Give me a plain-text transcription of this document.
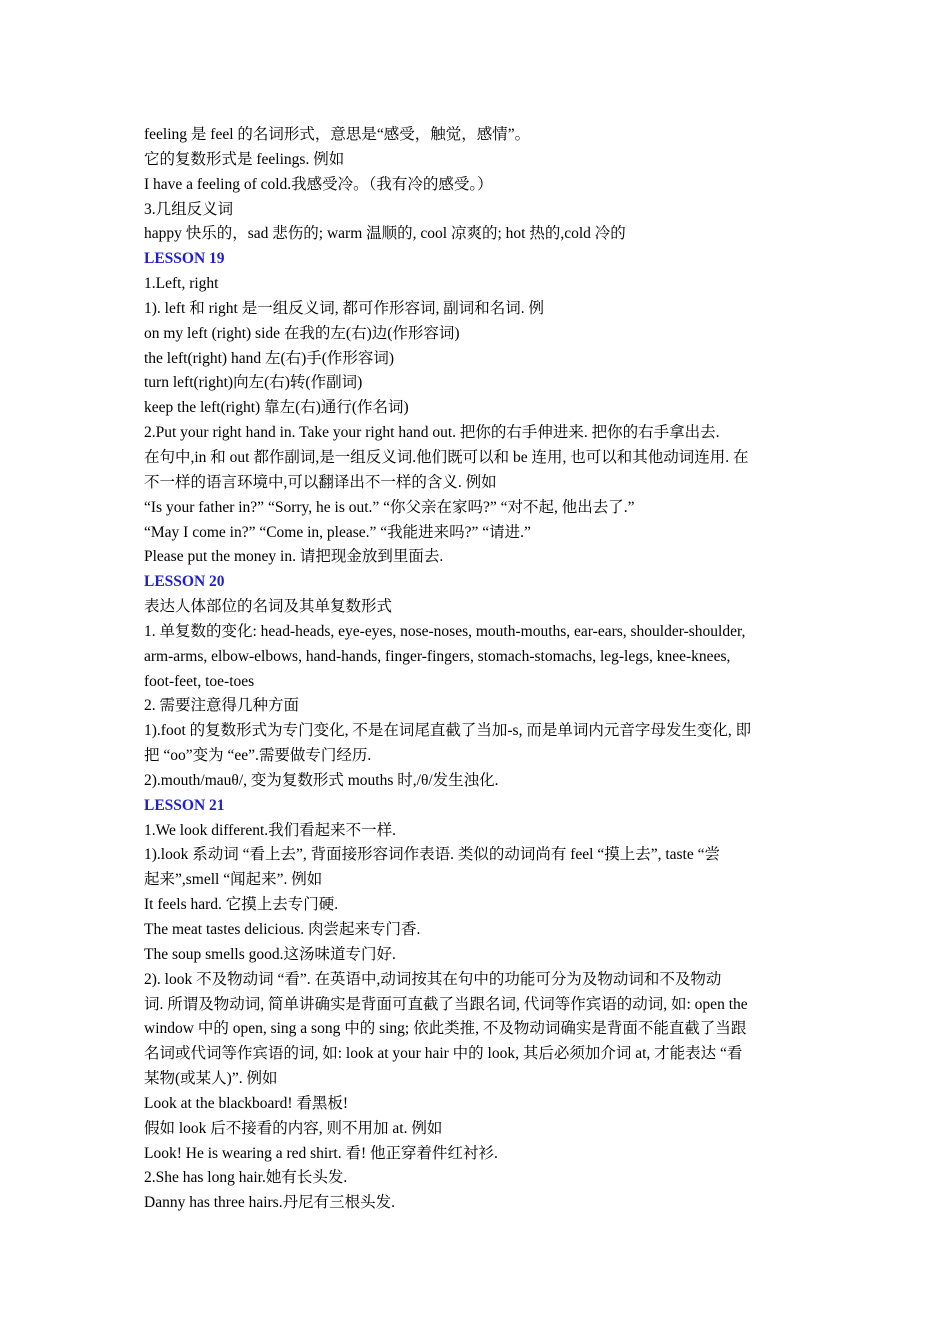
feeling 是 feel 的名词形式，意思是“感受，触觉，感情”。
它的复数形式是 feelings. 例如
I have a feeling of cold.我感受冷。（我有冷的感受。）
3.几组反义词
happy 快乐的，sad 悲伤的; warm 温顺的, cool 凉爽的; hot 热的,cold 冷的
LESSON 19
1.Left, right
1). left 和 right 是一组反义词, 都可作形容词, 副词和名词. 例
on my left (right) side 在我的左(右)边(作形容词)
the left(right) hand 左(右)手(作形容词)
turn left(right)向左(右)转(作副词)
keep the left(right) 靠左(右)通行(作名词)
2.Put your right hand in. Take your right hand out. 把你的右手伸进来. 把你的右手拿出去.
在句中,in 和 out 都作副词,是一组反义词.他们既可以和 be 连用, 也可以和其他动词连用. 在
不一样的语言环境中,可以翻译出不一样的含义. 例如
“Is your father in?” “Sorry, he is out.” “你父亲在家吗?” “对不起, 他出去了.”
“May I come in?” “Come in, please.” “我能进来吗?” “请进.”
Please put the money in. 请把现金放到里面去.
LESSON 20
表达人体部位的名词及其单复数形式
1. 单复数的变化: head-heads, eye-eyes, nose-noses, mouth-mouths, ear-ears, shoulder-shoulder,
arm-arms, elbow-elbows, hand-hands, finger-fingers, stomach-stomachs, leg-legs, knee-knees,
foot-feet, toe-toes
2. 需要注意得几种方面
1).foot 的复数形式为专门变化, 不是在词尾直截了当加-s, 而是单词内元音字母发生变化, 即
把 “oo”变为 “ee”.需要做专门经历.
2).mouth/mauθ/, 变为复数形式 mouths 时,/θ/发生浊化.
LESSON 21
1.We look different.我们看起来不一样.
1).look 系动词 “看上去”, 背面接形容词作表语. 类似的动词尚有 feel “摸上去”, taste “尝
起来”,smell “闻起来”. 例如
It feels hard. 它摸上去专门硬.
The meat tastes delicious. 肉尝起来专门香.
The soup smells good.这汤味道专门好.
2). look 不及物动词 “看”. 在英语中,动词按其在句中的功能可分为及物动词和不及物动
词. 所谓及物动词, 简单讲确实是背面可直截了当跟名词, 代词等作宾语的动词, 如: open the
window 中的 open, sing a song 中的 sing; 依此类推, 不及物动词确实是背面不能直截了当跟
名词或代词等作宾语的词, 如: look at your hair 中的 look, 其后必须加介词 at, 才能表达 “看
某物(或某人)”. 例如
Look at the blackboard! 看黑板!
假如 look 后不接看的内容, 则不用加 at. 例如
Look! He is wearing a red shirt. 看! 他正穿着件红衬衫.
2.She has long hair.她有长头发.
Danny has three hairs.丹尼有三根头发.
